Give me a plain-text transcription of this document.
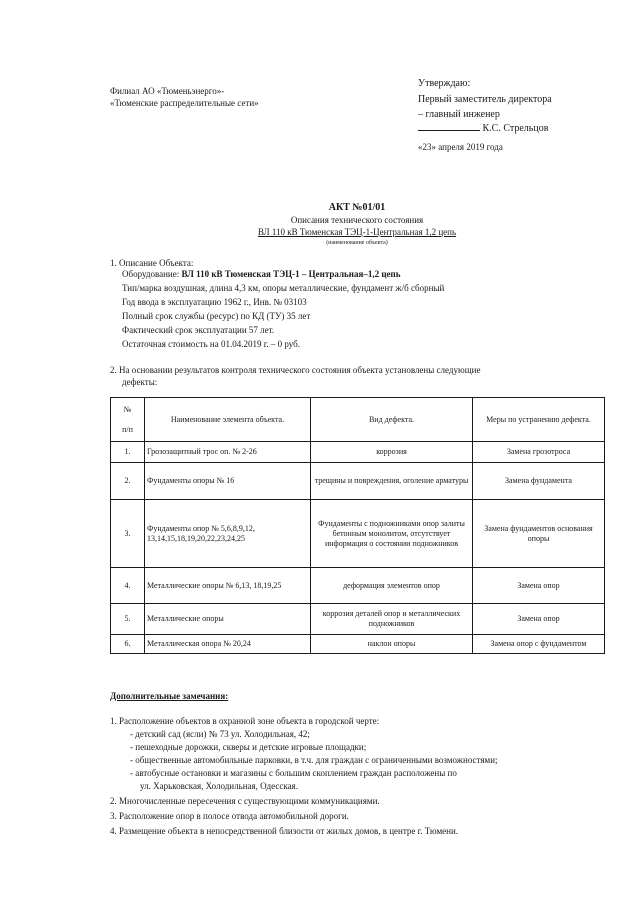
Филиал АО «Тюменьэнерго»-
«Тюменские распределительные сети»
Утверждаю:
Первый заместитель директора
– главный инженер
К.С. Стрельцов
«23» апреля 2019 года
АКТ №01/01
Описания технического состояния
ВЛ 110 кВ Тюменская ТЭЦ-1-Центральная 1,2 цепь
(наименование объекта)
1. Описание Объекта:
Оборудование: ВЛ 110 кВ Тюменская ТЭЦ-1 – Центральная–1,2 цепь
Тип/марка воздушная, длина 4,3 км, опоры металлические, фундамент ж/б сборный
Год ввода в эксплуатацию 1962 г., Инв. № 03103
Полный срок службы (ресурс) по КД (ТУ) 35 лет
Фактический срок эксплуатации 57 лет.
Остаточная стоимость на 01.04.2019 г. – 0 руб.
2. На основании результатов контроля технического состояния объекта установлены следующие
дефекты:
№

п/п	Наименование элемента объекта.	Вид дефекта.	Меры по устранению дефекта.
1.	Грозозащитный трос оп. № 2-26	коррозия	Замена грозотроса
2.	Фундаменты опоры № 16	трещины и повреждения, оголение арматуры	Замена фундамента
3.	Фундаменты опор № 5,6,8,9,12, 13,14,15,18,19,20,22,23,24,25	Фундаменты с подножниками опор залиты бетонным монолитом, отсутствует информация о состоянии подножников	Замена фундаментов основания опоры
4.	Металлические опоры № 6,13, 18,19,25	деформация элементов опор	Замена опор
5.	Металлические опоры	коррозия деталей опор и металлических подножников	Замена опор
6.	Металлическая опора № 20,24	наклон опоры	Замена опор с фундаментом
Дополнительные замечания:
1. Расположение объектов в охранной зоне объекта в городской черте:
- детский сад (ясли) № 73 ул. Холодильная, 42;
- пешеходные дорожки, скверы и детские игровые площадки;
- общественные автомобильные парковки, в т.ч. для граждан с ограниченными возможностями;
- автобусные остановки и магазины с большим скоплением граждан расположены по
ул. Харьковская, Холодильная, Одесская.
2. Многочисленные пересечения с существующими коммуникациями.
3. Расположение опор в полосе отвода автомобильной дороги.
4. Размещение объекта в непосредственной близости от жилых домов, в центре г. Тюмени.
